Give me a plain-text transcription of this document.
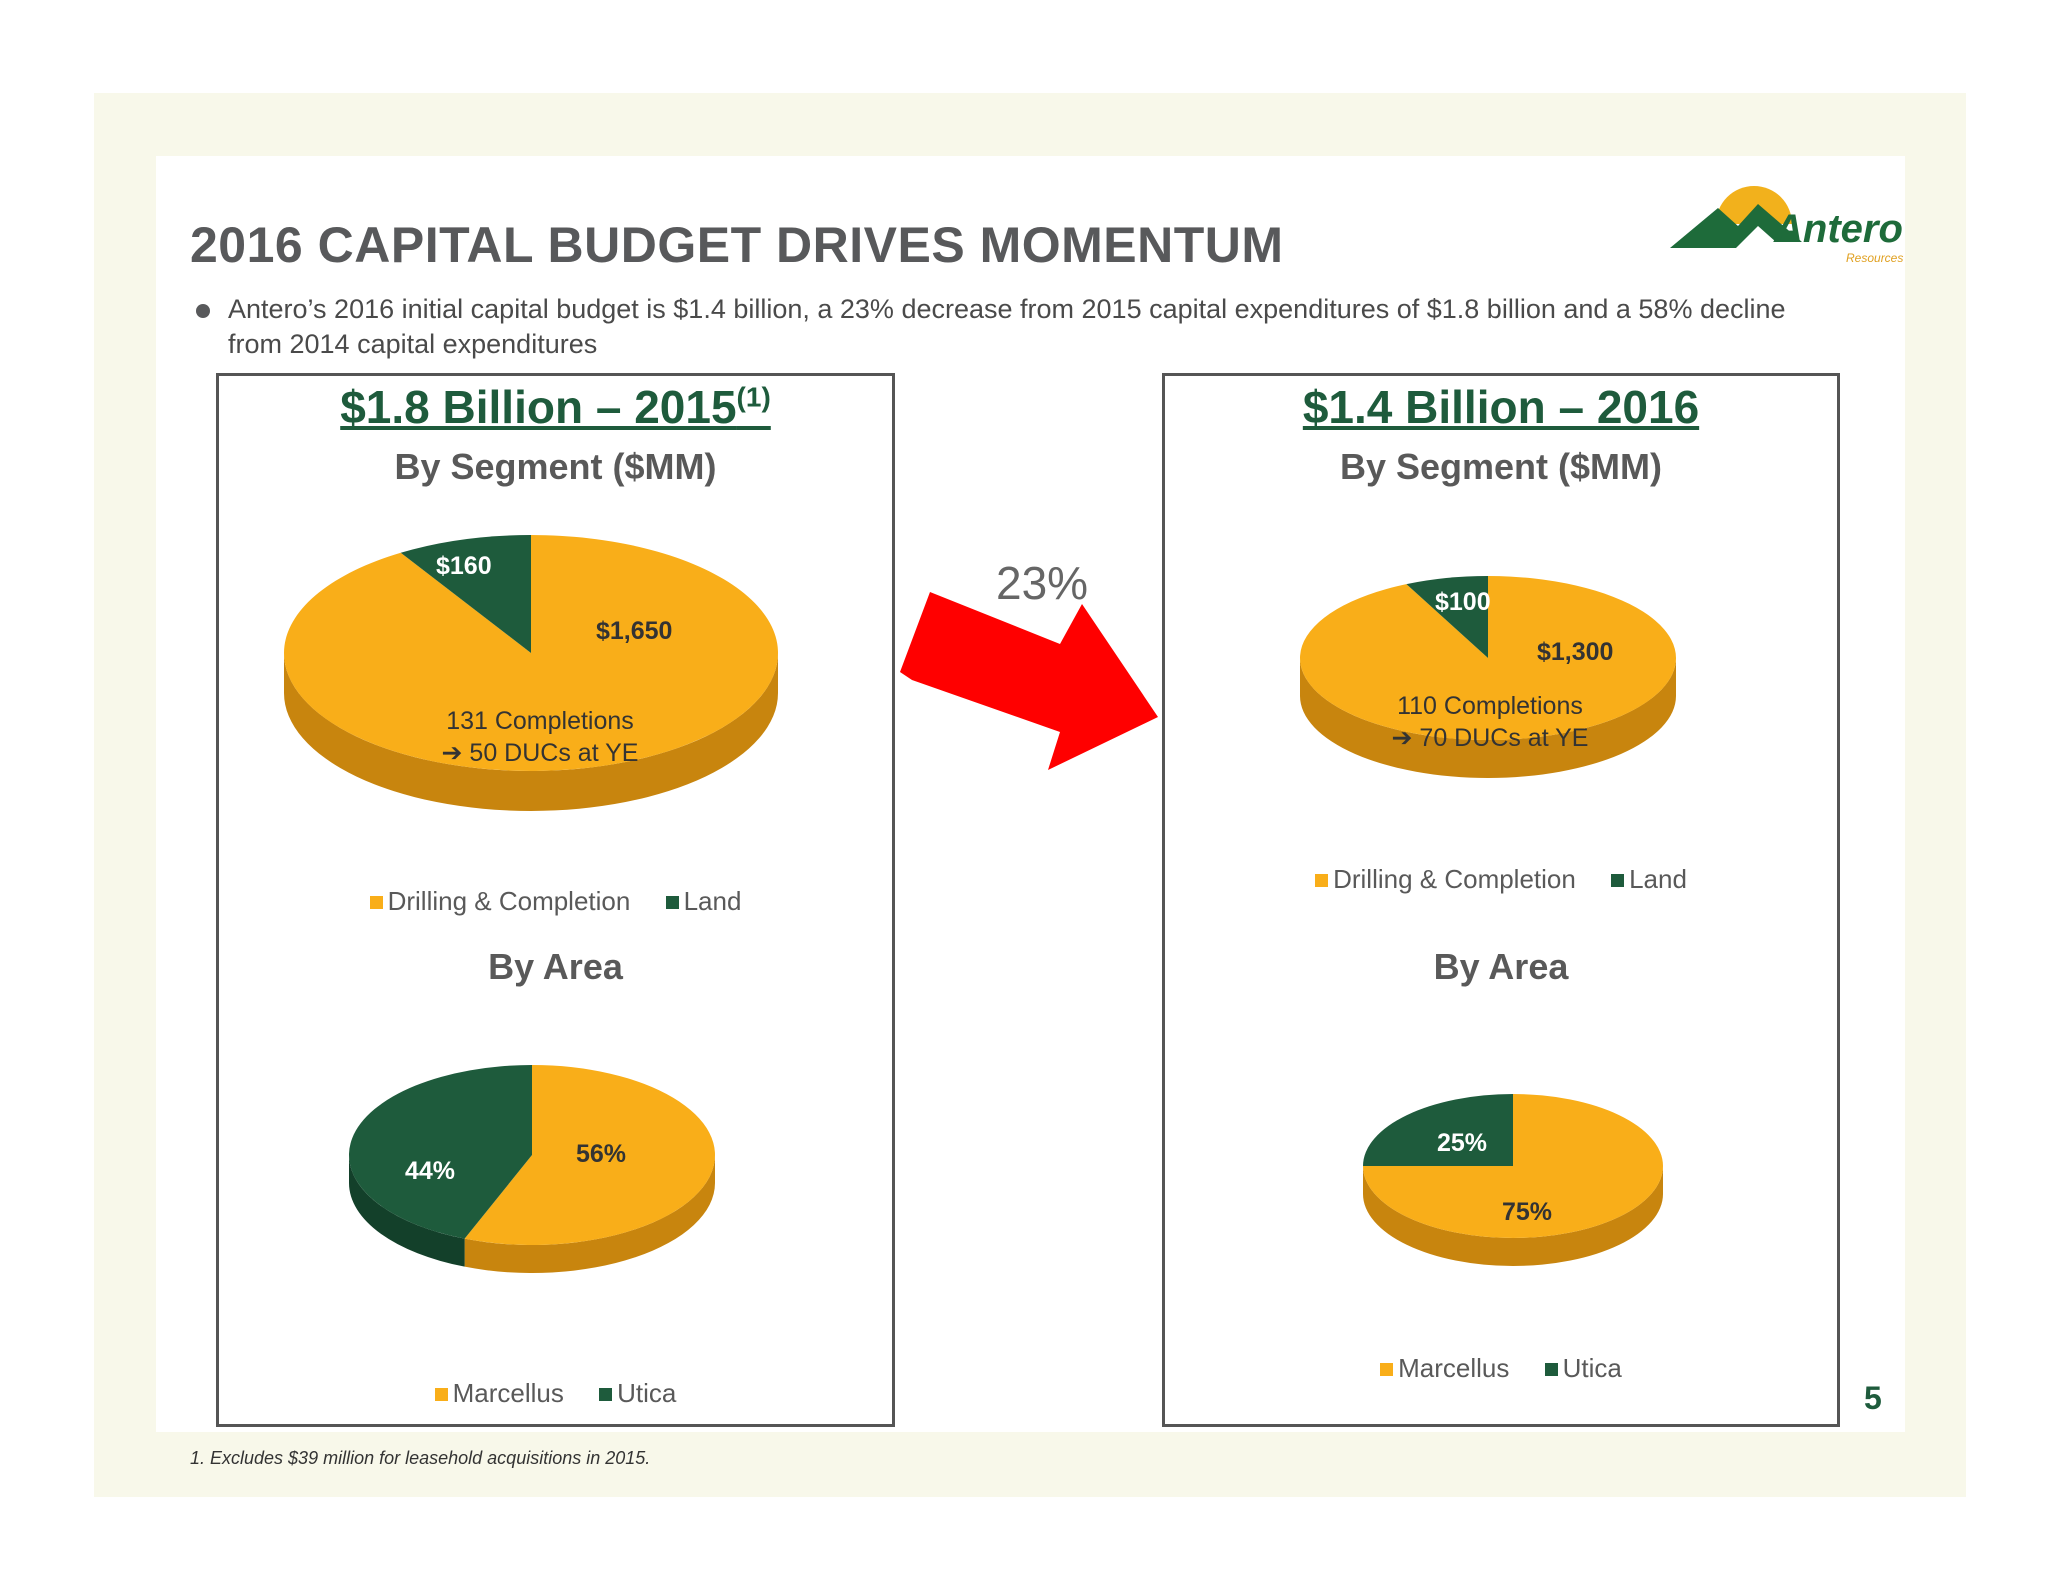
2016 CAPITAL BUDGET DRIVES MOMENTUM	Antero
Resources
Antero’s 2016 initial capital budget is $1.4 billion, a 23% decrease from 2015 capital expenditures of $1.8 billion and a 58% decline from 2014 capital expenditures
$1.8 Billion – 2015$^{(1)}$
By Segment ($MM)
Drilling & Completion Land
By Area
Marcellus Utica
$1.4 Billion – 2016
By Segment ($MM)
Drilling & Completion Land
By Area
Marcellus Utica
$160
$1,650
131 Completions
➔ 50 DUCs at YE
44%
56%
$100
$1,300
110 Completions
➔ 70 DUCs at YE
25%
75%
23%
5
1. Excludes $39 million for leasehold acquisitions in 2015.
